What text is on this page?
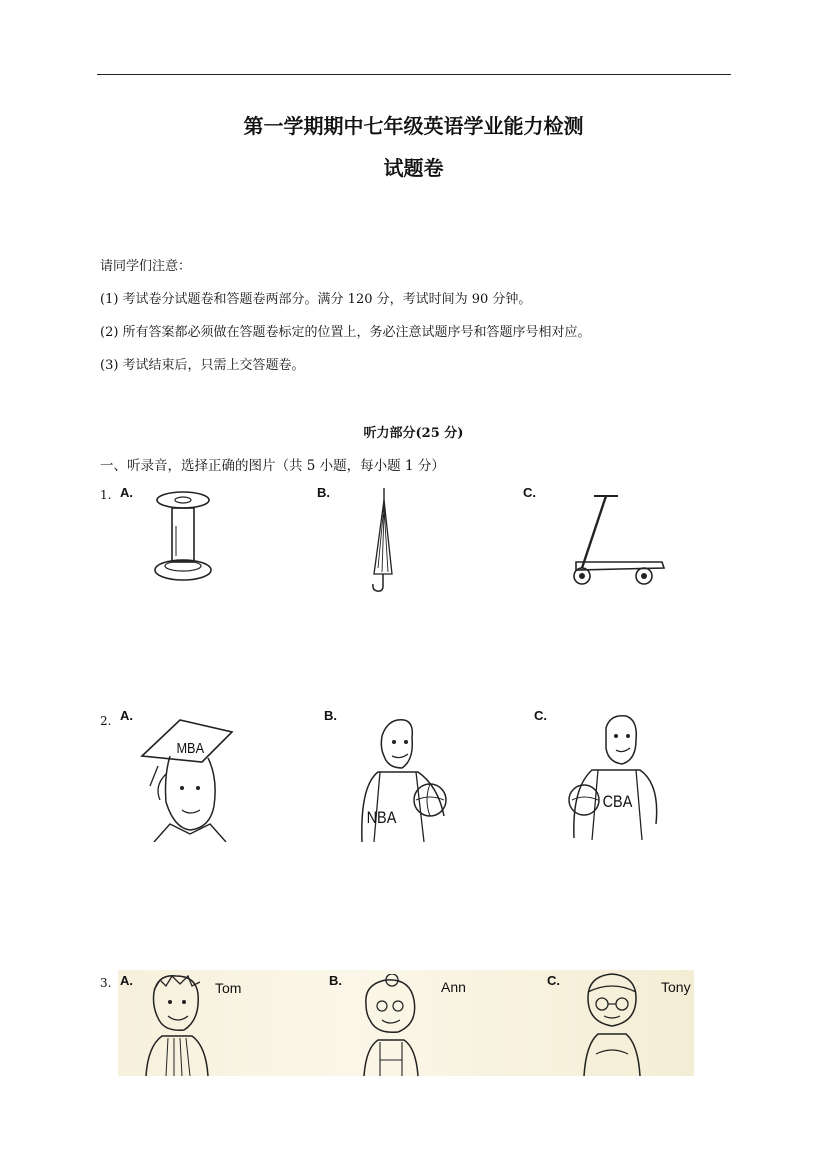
第一学期期中七年级英语学业能力检测
试题卷
请同学们注意：
(1) 考试卷分试题卷和答题卷两部分。满分 120 分，考试时间为 90 分钟。
(2) 所有答案都必须做在答题卷标定的位置上，务必注意试题序号和答题序号相对应。
(3) 考试结束后，只需上交答题卷。
听力部分(25 分)
一、听录音，选择正确的图片（共 5 小题，每小题 1 分）
1. A.	B.	C.
2. A.	B.	C.
MBA
NBA
CBA
3. A.	B.	C.
Tom	Ann	Tony
